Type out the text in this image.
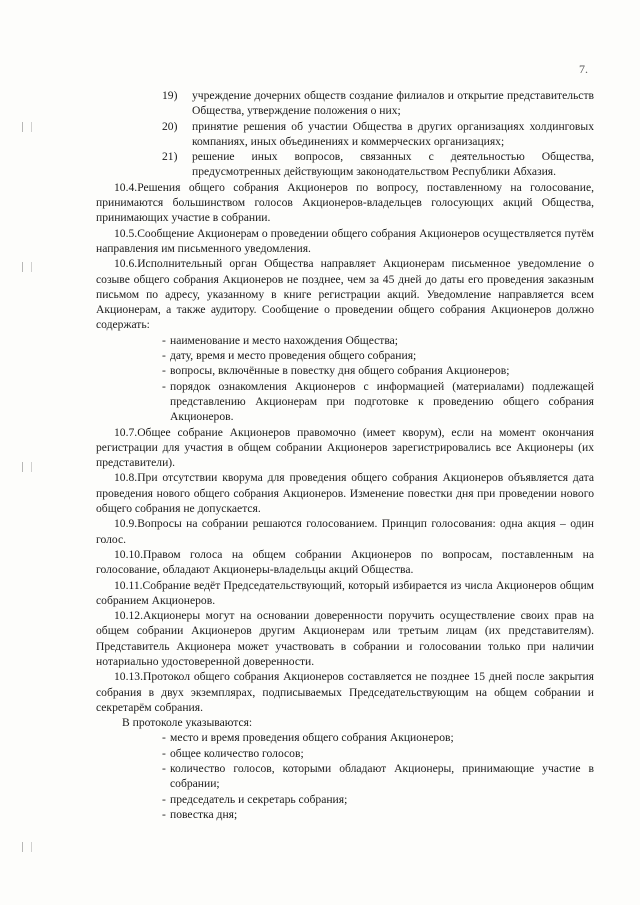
7.
19)	учреждение дочерних обществ создание филиалов и открытие представительств Общества, утверждение положения о них;
20)	принятие решения об участии Общества в других организациях холдинговых компаниях, иных объединениях и коммерческих организациях;
21)	решение иных вопросов, связанных с деятельностью Общества, предусмотренных действующим законодательством Республики Абхазия.

10.4.Решения общего собрания Акционеров по вопросу, поставленному на голосование, принимаются большинством голосов Акционеров-владельцев голосующих акций Общества, принимающих участие в собрании.

10.5.Сообщение Акционерам о проведении общего собрания Акционеров осуществляется путём направления им письменного уведомления.

10.6.Исполнительный орган Общества направляет Акционерам письменное уведомление о созыве общего собрания Акционеров не позднее, чем за 45 дней до даты его проведения заказным письмом по адресу, указанному в книге регистрации акций. Уведомление направляется всем Акционерам, а также аудитору. Сообщение о проведении общего собрания Акционеров должно содержать:

- наименование и место нахождения Общества;
- дату, время и место проведения общего собрания;
- вопросы, включённые в повестку дня общего собрания Акционеров;
- порядок ознакомления Акционеров с информацией (материалами) подлежащей представлению Акционерам при подготовке к проведению общего собрания Акционеров.

10.7.Общее собрание Акционеров правомочно (имеет кворум), если на момент окончания регистрации для участия в общем собрании Акционеров зарегистрировались все Акционеры (их представители).

10.8.При отсутствии кворума для проведения общего собрания Акционеров объявляется дата проведения нового общего собрания Акционеров. Изменение повестки дня при проведении нового общего собрания не допускается.

10.9.Вопросы на собрании решаются голосованием. Принцип голосования: одна акция – один голос.

10.10.Правом голоса на общем собрании Акционеров по вопросам, поставленным на голосование, обладают Акционеры-владельцы акций Общества.

10.11.Собрание ведёт Председательствующий, который избирается из числа Акционеров общим собранием Акционеров.

10.12.Акционеры могут на основании доверенности поручить осуществление своих прав на общем собрании Акционеров другим Акционерам или третьим лицам (их представителям). Представитель Акционера может участвовать в собрании и голосовании только при наличии нотариально удостоверенной доверенности.

10.13.Протокол общего собрания Акционеров составляется не позднее 15 дней после закрытия собрания в двух экземплярах, подписываемых Председательствующим на общем собрании и секретарём собрания.

В протоколе указываются:

- место и время проведения общего собрания Акционеров;
- общее количество голосов;
- количество голосов, которыми обладают Акционеры, принимающие участие в собрании;
- председатель и секретарь собрания;
- повестка дня;
